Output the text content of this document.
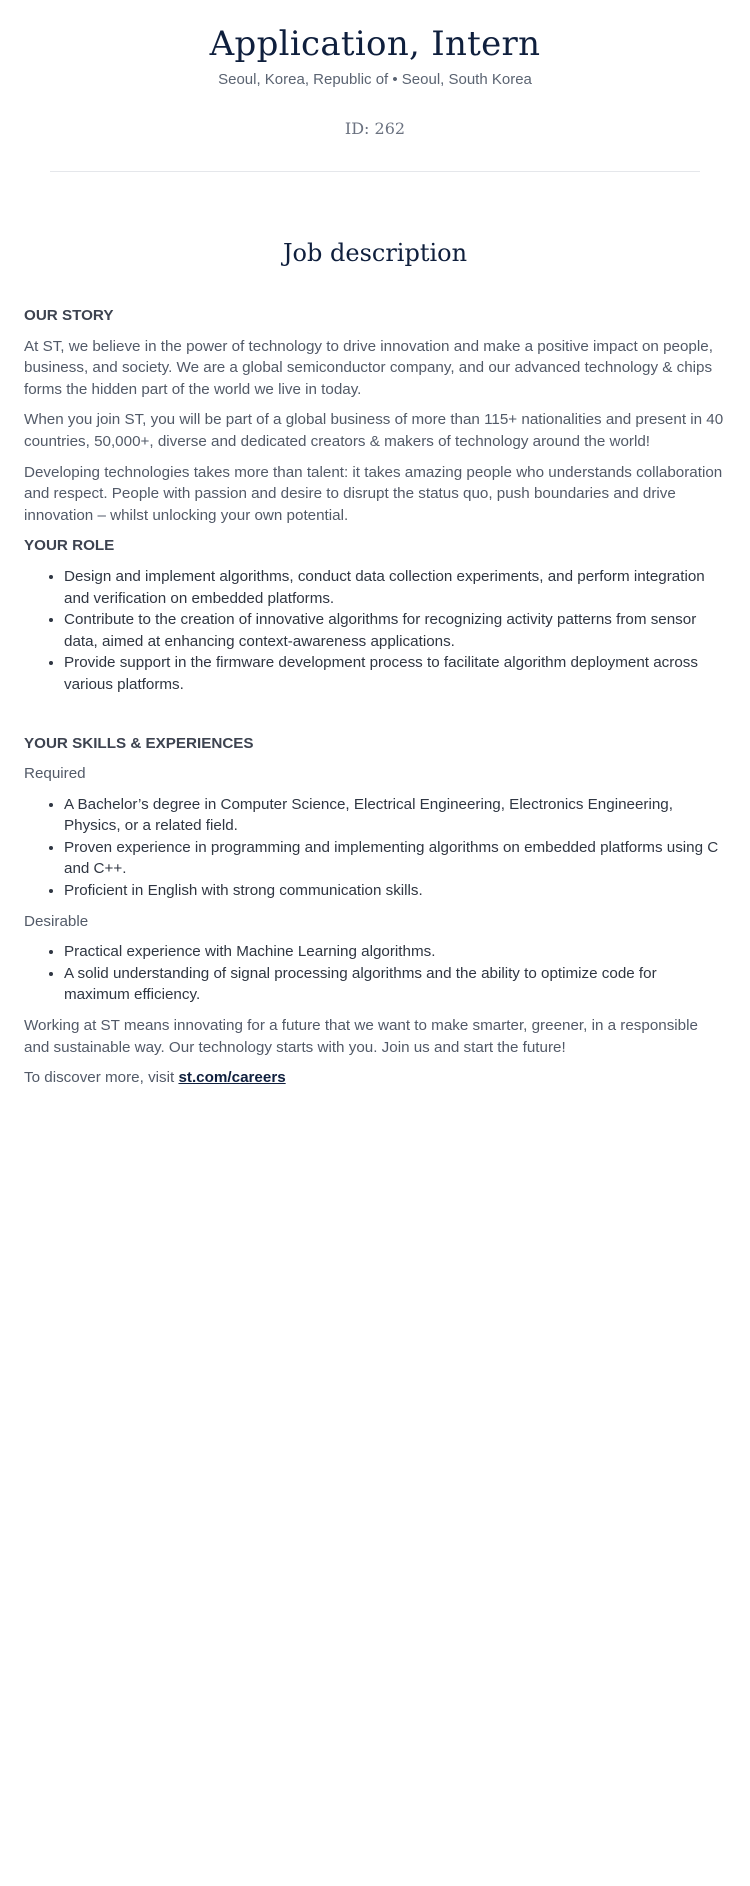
Application, Intern
Seoul, Korea, Republic of • Seoul, South Korea
ID: 262
Job description
OUR STORY

At ST, we believe in the power of technology to drive innovation and make a positive impact on people, business, and society. We are a global semiconductor company, and our advanced technology & chips forms the hidden part of the world we live in today.

When you join ST, you will be part of a global business of more than 115+ nationalities and present in 40 countries, 50,000+, diverse and dedicated creators & makers of technology around the world!

Developing technologies takes more than talent: it takes amazing people who understands collaboration and respect. People with passion and desire to disrupt the status quo, push boundaries and drive innovation – whilst unlocking your own potential.

YOUR ROLE
• Design and implement algorithms, conduct data collection experiments, and perform integration and verification on embedded platforms.
• Contribute to the creation of innovative algorithms for recognizing activity patterns from sensor data, aimed at enhancing context-awareness applications.
• Provide support in the firmware development process to facilitate algorithm deployment across various platforms.
YOUR SKILLS & EXPERIENCES

Required

• A Bachelor’s degree in Computer Science, Electrical Engineering, Electronics Engineering, Physics, or a related field.
• Proven experience in programming and implementing algorithms on embedded platforms using C and C++.
• Proficient in English with strong communication skills.

Desirable

• Practical experience with Machine Learning algorithms.
• A solid understanding of signal processing algorithms and the ability to optimize code for maximum efficiency.

Working at ST means innovating for a future that we want to make smarter, greener, in a responsible and sustainable way. Our technology starts with you. Join us and start the future!

To discover more, visit st.com/careers
